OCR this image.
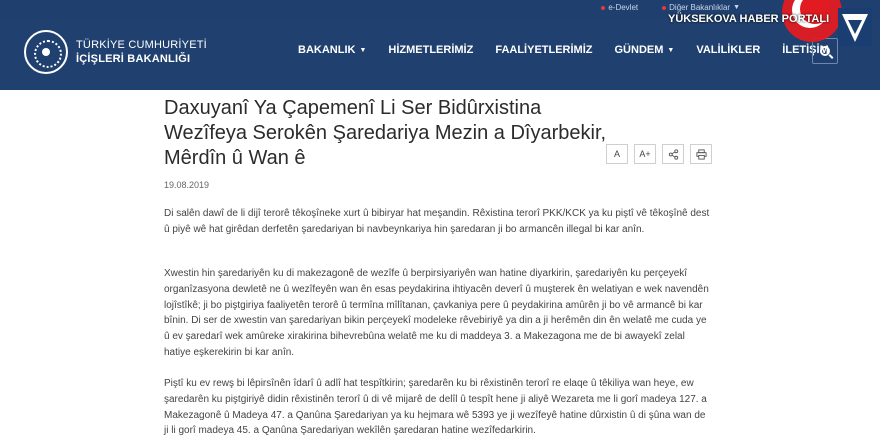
e-Devlet	Diğer Bakanlıklar ▼
TÜRKİYE CUMHURİYETİ
İÇİŞLERİ BAKANLIĞI
BAKANLIK ▼ HİZMETLERİMİZ FAALİYETLERİMİZ GÜNDEM ▼ VALİLİKLER İLETİŞİM
YÜKSEKOVA HABER PORTALI
Daxuyanî Ya Çapemenî Li Ser Bidûrxistina Wezîfeya Serokên Şaredariya Mezin a Dîyarbekir, Mêrdîn û Wan ê	A	A+
19.08.2019

Di salên dawî de li dijî terorê têkoşîneke xurt û bibiryar hat meşandin. Rêxistina terorî PKK/KCK ya ku piştî vê têkoşînê dest û piyê wê hat girêdan derfetên şaredariyan bi navbeynkariya hin şaredaran ji bo armancên illegal bi kar anîn.

Xwestin hin şaredariyên ku di makezagonê de wezîfe û berpirsiyariyên wan hatine diyarkirin, şaredariyên ku perçeyekî organîzasyona dewletê ne û wezîfeyên wan ên esas peydakirina ihtiyacên deverî û muşterek ên welatiyan e wek navendên lojîstîkê; ji bo piştgiriya faaliyetên terorê û termîna mîlîtanan, çavkaniya pere û peydakirina amûrên ji bo vê armancê bi kar bînin. Di ser de xwestin van şaredariyan bikin perçeyekî modeleke rêvebiriyê ya din a ji herêmên din ên welatê me cuda ye û ev şaredarî wek amûreke xirakirina bihevrebûna welatê me ku di maddeya 3. a Makezagona me de bi awayekî zelal hatiye eşkerekirin bi kar anîn.

Piştî ku ev rewş bi lêpirsînên îdarî û adlî hat tespîtkirin; şaredarên ku bi rêxistinên terorî re elaqe û têkiliya wan heye, ew şaredarên ku piştgiriyê didin rêxistinên terorî û di vê mijarê de delîl û tespît hene ji aliyê Wezareta me li gorî madeya 127. a Makezagonê û Madeya 47. a Qanûna Şaredariyan ya ku hejmara wê 5393 ye ji wezîfeyê hatine dûrxistin û di şûna wan de ji li gorî madeya 45. a Qanûna Şaredariyan wekîlên şaredaran hatine wezîfedarkirin.
